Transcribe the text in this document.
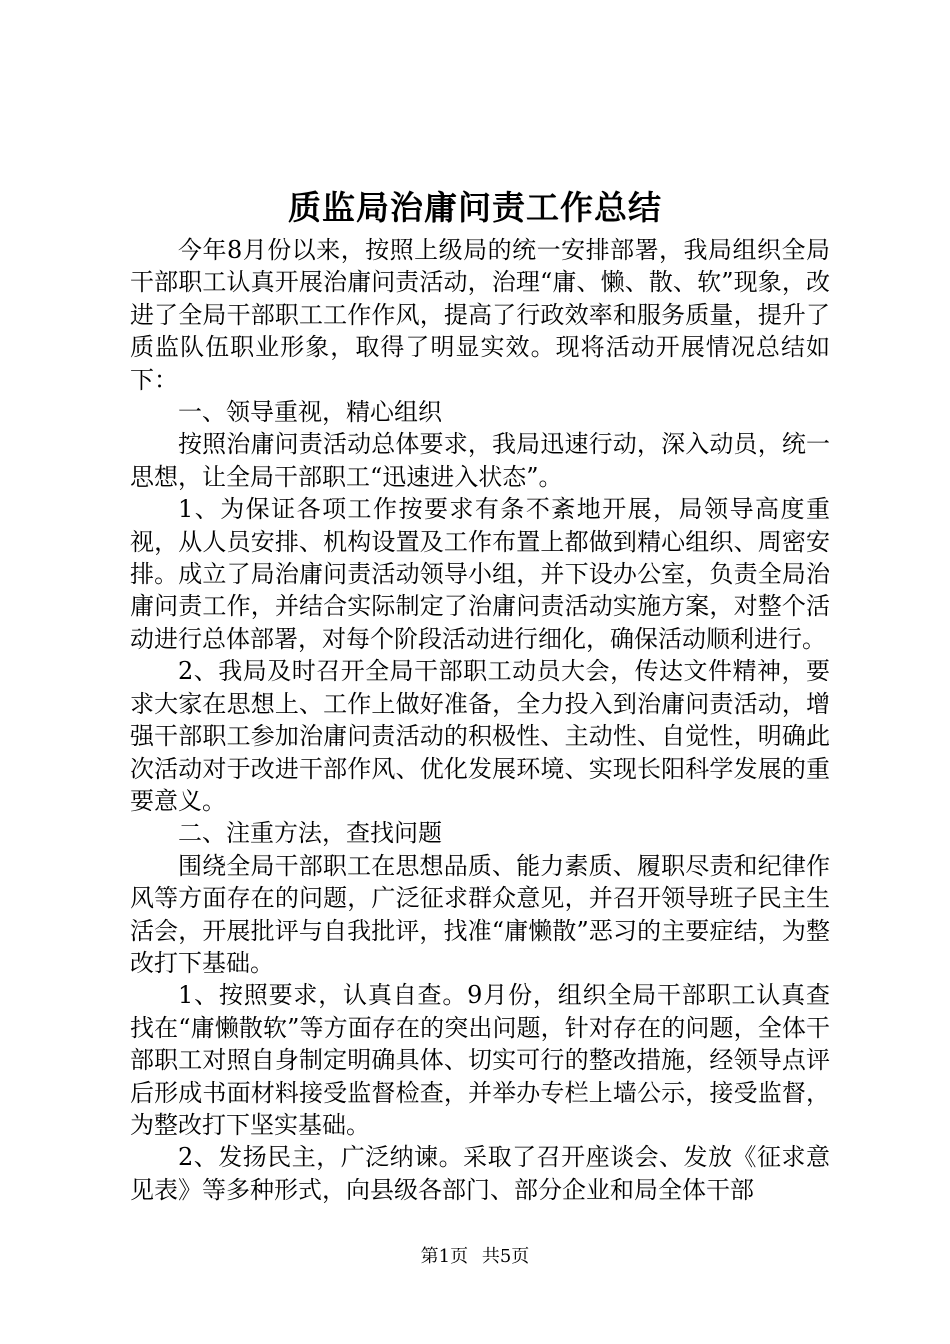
质监局治庸问责工作总结

今年8月份以来，按照上级局的统一安排部署，我局组织全局干部职工认真开展治庸问责活动，治理“庸、懒、散、软”现象，改进了全局干部职工工作作风，提高了行政效率和服务质量，提升了质监队伍职业形象，取得了明显实效。现将活动开展情况总结如下：

一、领导重视，精心组织

按照治庸问责活动总体要求，我局迅速行动，深入动员，统一思想，让全局干部职工“迅速进入状态”。

1、为保证各项工作按要求有条不紊地开展，局领导高度重视，从人员安排、机构设置及工作布置上都做到精心组织、周密安排。成立了局治庸问责活动领导小组，并下设办公室，负责全局治庸问责工作，并结合实际制定了治庸问责活动实施方案，对整个活动进行总体部署，对每个阶段活动进行细化，确保活动顺利进行。

2、我局及时召开全局干部职工动员大会，传达文件精神，要求大家在思想上、工作上做好准备，全力投入到治庸问责活动，增强干部职工参加治庸问责活动的积极性、主动性、自觉性，明确此次活动对于改进干部作风、优化发展环境、实现长阳科学发展的重要意义。

二、注重方法，查找问题

围绕全局干部职工在思想品质、能力素质、履职尽责和纪律作风等方面存在的问题，广泛征求群众意见，并召开领导班子民主生活会，开展批评与自我批评，找准“庸懒散”恶习的主要症结，为整改打下基础。

1、按照要求，认真自查。9月份，组织全局干部职工认真查找在“庸懒散软”等方面存在的突出问题，针对存在的问题，全体干部职工对照自身制定明确具体、切实可行的整改措施，经领导点评后形成书面材料接受监督检查，并举办专栏上墙公示，接受监督，为整改打下坚实基础。

2、发扬民主，广泛纳谏。采取了召开座谈会、发放《征求意见表》等多种形式，向县级各部门、部分企业和局全体干部

第1页 共5页
